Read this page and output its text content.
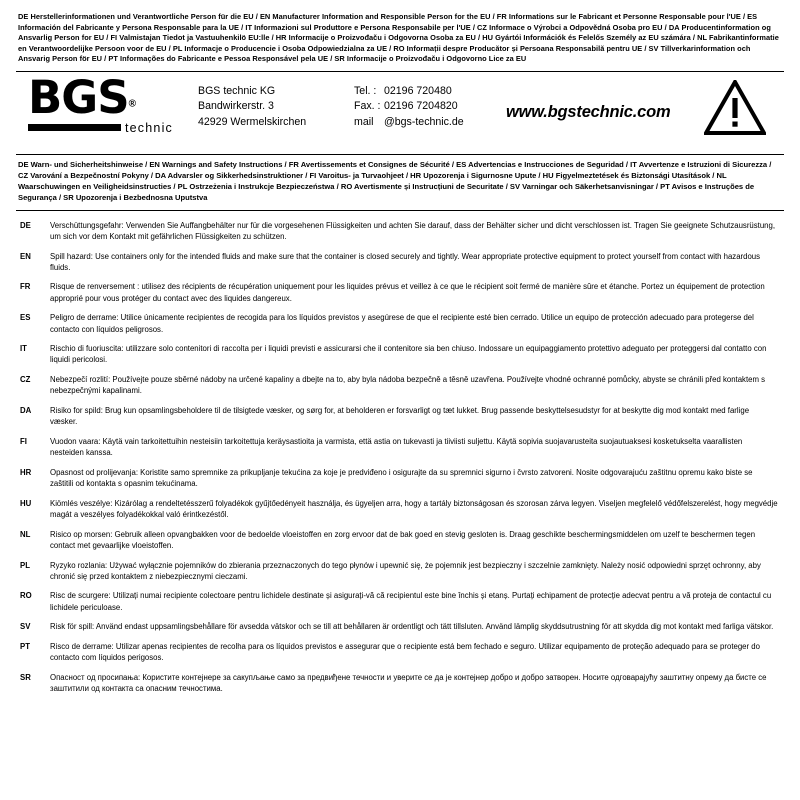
DE Herstellerinformationen und Verantwortliche Person für die EU / EN Manufacturer Information and Responsible Person for the EU / FR Informations sur le Fabricant et Personne Responsable pour l'UE / ES Información del Fabricante y Persona Responsable para la UE / IT Informazioni sul Produttore e Persona Responsabile per l'UE / CZ Informace o Výrobci a Odpovědná Osoba pro EU / DA Producentinformation og Ansvarlig Person for EU / FI Valmistajan Tiedot ja Vastuuhenkilö EU:lle / HR Informacije o Proizvođaču i Odgovorna Osoba za EU / HU Gyártói Információk és Felelős Személy az EU számára / NL Fabrikantinformatie en Verantwoordelijke Persoon voor de EU / PL Informacje o Producencie i Osoba Odpowiedzialna za UE / RO Informații despre Producător și Persoana Responsabilă pentru UE / SV Tillverkarinformation och Ansvarig Person för EU / PT Informações do Fabricante e Pessoa Responsável pela UE / SR Informacije o Proizvođaču i Odgovorno Lice za EU
BGS®
technic
BGS technic KG
Bandwirkerstr. 3
42929 Wermelskirchen
Tel. : 02196 720480
Fax. : 02196 7204820
mail @bgs-technic.de
www.bgstechnic.com
DE Warn- und Sicherheitshinweise / EN Warnings and Safety Instructions / FR Avertissements et Consignes de Sécurité / ES Advertencias e Instrucciones de Seguridad / IT Avvertenze e Istruzioni di Sicurezza / CZ Varování a Bezpečnostní Pokyny / DA Advarsler og Sikkerhedsinstruktioner / FI Varoitus- ja Turvaohjeet / HR Upozorenja i Sigurnosne Upute / HU Figyelmeztetések és Biztonsági Utasítások / NL Waarschuwingen en Veiligheidsinstructies / PL Ostrzeżenia i Instrukcje Bezpieczeństwa / RO Avertismente și Instrucțiuni de Securitate / SV Varningar och Säkerhetsanvisningar / PT Avisos e Instruções de Segurança / SR Upozorenja i Bezbednosna Uputstva
DE	Verschüttungsgefahr: Verwenden Sie Auffangbehälter nur für die vorgesehenen Flüssigkeiten und achten Sie darauf, dass der Behälter sicher und dicht verschlossen ist. Tragen Sie geeignete Schutzausrüstung, um sich vor dem Kontakt mit gefährlichen Flüssigkeiten zu schützen.
EN	Spill hazard: Use containers only for the intended fluids and make sure that the container is closed securely and tightly. Wear appropriate protective equipment to protect yourself from contact with hazardous fluids.
FR	Risque de renversement : utilisez des récipients de récupération uniquement pour les liquides prévus et veillez à ce que le récipient soit fermé de manière sûre et étanche. Portez un équipement de protection approprié pour vous protéger du contact avec des liquides dangereux.
ES	Peligro de derrame: Utilice únicamente recipientes de recogida para los líquidos previstos y asegúrese de que el recipiente esté bien cerrado. Utilice un equipo de protección adecuado para protegerse del contacto con líquidos peligrosos.
IT	Rischio di fuoriuscita: utilizzare solo contenitori di raccolta per i liquidi previsti e assicurarsi che il contenitore sia ben chiuso. Indossare un equipaggiamento protettivo adeguato per proteggersi dal contatto con liquidi pericolosi.
CZ	Nebezpečí rozlití: Používejte pouze sběrné nádoby na určené kapaliny a dbejte na to, aby byla nádoba bezpečně a těsně uzavřena. Používejte vhodné ochranné pomůcky, abyste se chránili před kontaktem s nebezpečnými kapalinami.
DA	Risiko for spild: Brug kun opsamlingsbeholdere til de tilsigtede væsker, og sørg for, at beholderen er forsvarligt og tæt lukket. Brug passende beskyttelsesudstyr for at beskytte dig mod kontakt med farlige væsker.
FI	Vuodon vaara: Käytä vain tarkoitettuihin nesteisiin tarkoitettuja keräysastioita ja varmista, että astia on tukevasti ja tiiviisti suljettu. Käytä sopivia suojavarusteita suojautuaksesi kosketukselta vaarallisten nesteiden kanssa.
HR	Opasnost od prolijevanja: Koristite samo spremnike za prikupljanje tekućina za koje je predviđeno i osigurajte da su spremnici sigurno i čvrsto zatvoreni. Nosite odgovarajuću zaštitnu opremu kako biste se zaštitili od kontakta s opasnim tekućinama.
HU	Kiömlés veszélye: Kizárólag a rendeltetésszerű folyadékok gyűjtőedényeit használja, és ügyeljen arra, hogy a tartály biztonságosan és szorosan zárva legyen. Viseljen megfelelő védőfelszerelést, hogy megvédje magát a veszélyes folyadékokkal való érintkezéstől.
NL	Risico op morsen: Gebruik alleen opvangbakken voor de bedoelde vloeistoffen en zorg ervoor dat de bak goed en stevig gesloten is. Draag geschikte beschermingsmiddelen om uzelf te beschermen tegen contact met gevaarlijke vloeistoffen.
PL	Ryzyko rozlania: Używać wyłącznie pojemników do zbierania przeznaczonych do tego płynów i upewnić się, że pojemnik jest bezpieczny i szczelnie zamknięty. Należy nosić odpowiedni sprzęt ochronny, aby chronić się przed kontaktem z niebezpiecznymi cieczami.
RO	Risc de scurgere: Utilizați numai recipiente colectoare pentru lichidele destinate și asigurați-vă că recipientul este bine închis și etanș. Purtați echipament de protecție adecvat pentru a vă proteja de contactul cu lichidele periculoase.
SV	Risk för spill: Använd endast uppsamlingsbehållare för avsedda vätskor och se till att behållaren är ordentligt och tätt tillsluten. Använd lämplig skyddsutrustning för att skydda dig mot kontakt med farliga vätskor.
PT	Risco de derrame: Utilizar apenas recipientes de recolha para os líquidos previstos e assegurar que o recipiente está bem fechado e seguro. Utilizar equipamento de proteção adequado para se proteger do contacto com líquidos perigosos.
SR	Опасност од просипања: Користите контејнере за сакупљање само за предвиђене течности и уверите се да је контејнер добро и добро затворен. Носите одговарајућу заштитну опрему да бисте се заштитили од контакта са опасним течностима.
